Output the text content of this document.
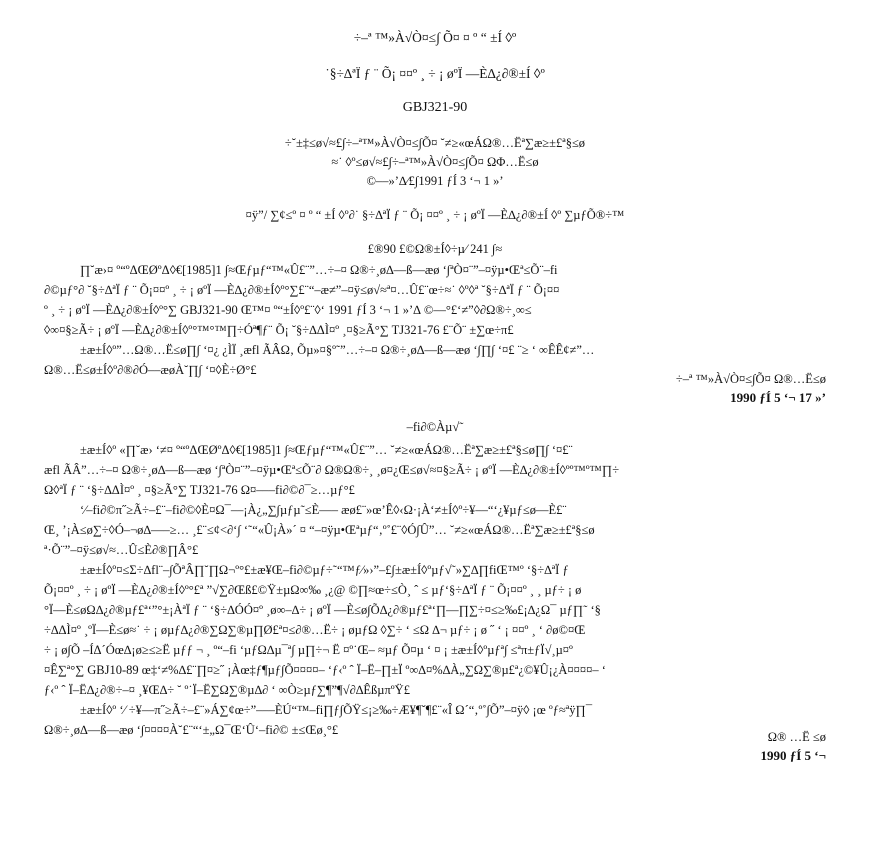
÷–ª ™»À√Ò¤≤∫ Õ¤ ¤ º “ ±Í ◊º
˙§÷∆ªÏ ƒ ¨ Õ¡ ¤¤º ¸ ÷ ¡ øºÏ —È∆¿∂®±Í ◊º
GBJ321-90
÷˘±‡≤ø√≈£∫÷–ª™»À√Ò¤≤∫Õ¤ ˘≠≥«œÁΩ®…Ëª∑æ≥±£ª§≤ø
≈˙ ◊º≤ø√≈£∫÷–ª™»À√Ò¤≤∫Õ¤ ΩΦ…Ë≤ø
©––»’∆⁄£∫1991 ƒÍ 3 ‘¬ 1 »’
¤ÿ”/ ∑¢≤º ¤ º “ ±Í ◊º∂˙ §÷∆ªÏ ƒ ¨ Õ¡ ¤¤º ¸ ÷ ¡ øºÏ —È∆¿∂®±Í ◊º ∑µƒÕ®÷™
£®90 £©Ω®±Í◊÷µ⁄ 241 ∫≈
∏˘æ›¤ º“ºΔŒØºΔ◊€[1985]1 ∫≈Œƒµƒ“™«Û£¨”…÷–¤ Ω®÷¸ø∆—ß––æø ‘∫ªÒ¤¨”–¤ÿµ•Œª≤Õ¨–fi
∂©µƒ°∂ ˘§÷∆ªÏ ƒ ¨ Õ¡¤¤º ¸ ÷ ¡ øºÏ —È∆¿∂®±Í◊º°∑£¨“–æ≠”–¤ÿ≤ø√≈ª¤…Û£¨œ÷≈˙ ◊º◊ª ˘§÷∆ªÏ ƒ ¨ Õ¡¤¤
º ¸ ÷ ¡ øºÏ —È∆¿∂®±Í◊º°∑ GBJ321-90 Œ™¤ º“±Í◊º£¨◊‘ 1991 ƒÍ 3 ‘¬ 1 »’∆ ©––°£‘≠”◊∂Ω®÷¸∞≤
◊∞¤§≥Ã÷ ¡ øºÏ —È∆¿∂®±Í◊º°™°™∏÷Óª¶ƒ¨ Õ¡ ˘§÷∆ΔÌ¤º ¸¤§≥Ã°∑ TJ321-76 £¨Õ¨ ±∑œ÷π£
±æ±Í◊º”…Ω®…Ë≤ø∏∫ ‘¤¿ ¿ÌÏ ¸æfl ÃÂΩ‚ Õµ»¤§º˜”…÷–¤ Ω®÷¸ø∆—ß––æø ‘∫∏∫ ‘¤£ ¨≥ ‘ ∞ÊÊ¢≠”…
Ω®…Ë≤ø±Í◊º∂®∂Ó––æøÀ˘∏∫ ‘¤◊È÷Ø°£
÷–ª ™»À√Ò¤≤∫Õ¤ Ω®…Ë≤ø
1990 ƒÍ 5 ‘¬ 17 »’
–fi∂©Àµ√˜
±æ±Í◊º «∏˘æ› ‘≠¤ º“ºΔŒØºΔ◊€[1985]1 ∫≈Œƒµƒ“™«Û£¨”… ˘≠≥«œÁΩ®…Ëª∑æ≥±£ª§≤ø∏∫ ‘¤£¨
æfl ÃÂ”…÷–¤ Ω®÷¸ø∆—ß––æø ‘∫ªÒ¤¨”–¤ÿµ•Œª≤Õ¨∂ Ω®Ω®÷¸ ¸ø¤¿Œ≤ø√≈¤§≥Ã÷ ¡ øºÏ —È∆¿∂®±Í◊ºº™º™∏÷
Ω◊ªÏ ƒ ¨ ‘§÷∆ΔÌ¤º ¸ ¤§≥Ã°∑ TJ321-76 Ω¤–––fi∂©∂¯≥…µƒ°£
‘⁄–fi∂©π˝≥Ã÷–£¨–fi∂©◊È¤Ω¯––¡À¿„∑∫µƒµ˜≤È—– æø£¨»œ’Ê◊‹Ω·¡À‘≠±Í◊º÷¥––“‘¿¥µƒ≤ø—È£¨
Œ¸ ’¡À≤ø∑÷◊Ó–¬ø∆—–≥… ¸£¨≤¢<∂‘∫ ‘˜“«Û¡À»´ ¤ “–¤ÿµ•Œªµƒ“‚º˚£¨◊Ó∫Û”… ˘≠≥«œÁΩ®…Ëª∑æ≥±£ª§≤ø
ª·Õ¨”–¤ÿ≤ø√≈…Û≤È∂®∏Â°£
±æ±Í◊º¤≤Σ÷∆fl¨–∫ÕªÂ∏˘∏Ω¬º°£±æ¥Œ–fi∂©µƒ÷˜“™ƒ⁄»›”–£∫±æ±Í◊ºµƒ√˜»∑∆∏fiŒ™º ‘§÷∆ªÏ ƒ
Õ¡¤¤º ¸ ÷ ¡ øºÏ —È∆¿∂®±Í◊º°£ª ”√∑∂Œß£©Ÿ±µΩ∞‰ ¸¿@ ©∏≈œ÷≤Ò¸ ˆ ≤ µƒ‘§÷∆ªÏ ƒ ¨ Õ¡¤¤º ¸ ¸ µƒ÷ ¡ ø
°Ï—È≤øΩ∆¿∂®µƒ£ª‘”°±¡ÀªÏ ƒ ¨ ‘§÷∆ÓÓ¤º ¸ø∞–∆÷ ¡ øºÏ —È≤ø∫Õ∆¿∂®µƒ£ª‘∏—∏∑÷¤≤≥‰£¡∆¿Ω¯ µƒ∏˜ ‘§
÷∆ΔÌ¤º ¸ºÏ—È≤ø≈˙ ÷ ¡ øµƒ∆¿∂®∑Ω∑®µ∏Ø£ª¤≤∂®…Ë÷ ¡ øµƒΩ ◊∑÷ ‘ ≤Ω ∆¬ µƒ÷ ¡ ø ˝ ‘ ¡ ¤¤º ¸ ‘ ∂ø©¤Œ
÷ ¡ ø∫Õ –ÍΔ´Óœ∆¡ø≥≤≥Ë µƒƒ ¬ ¸ º“–fi ‘µƒΩ∆µ¯ª∫ µ∏÷¬ Ë ¤º˙Œ– ≈µƒ Õ¤µ ‘ ¤ ¡ ±æ±Í◊ºµƒª∫ ≤ªπ±ƒÏ√¸µ¤º
¤Ê∑ª°∑ GBJ10-89 œ‡‘≠%∆£¨∏¤≥˝ ¡Àœ‡ƒ¶µƒ∫Õ¤¤¤¤– ‘ƒ‹º ˆ Ï–Ë–∏±Ï º∞∆¤%∆À„∑Ω∑®µ£ª¿©¥Û¡¿À¤¤¤¤– ‘
ƒ‹º ˆ Ï–Ë∆¿∂®÷–¤ ¸¥Œ∆÷ ˘ º˙Ï–Ë∑Ω∑®µ∆∂ ‘ ∞Ò≥µƒ∑¶”¶√∂∆ÊßµπºŸ£
±æ±Í◊º ‘⁄ ÷¥––π˝≥Ã÷–£¨»Á∑¢œ÷”–––ÈÚ“™–fi∏ƒ∫ÕŸ≤¡≥‰÷Æ¥¶ˇ¶£¨«Î Ω´“‚º˚∫Õ”–¤ÿ◊ ¡œ ºƒ≈ªÿ∏¯
Ω®÷¸ø∆—ß––æø ‘∫¤¤¤¤À˘£¨“‘±„Ω¯Œ‘Û‘–fi∂© ±≤Œø¸°£	Ω® …Ë ≤ø
1990 ƒÍ 5 ‘¬
